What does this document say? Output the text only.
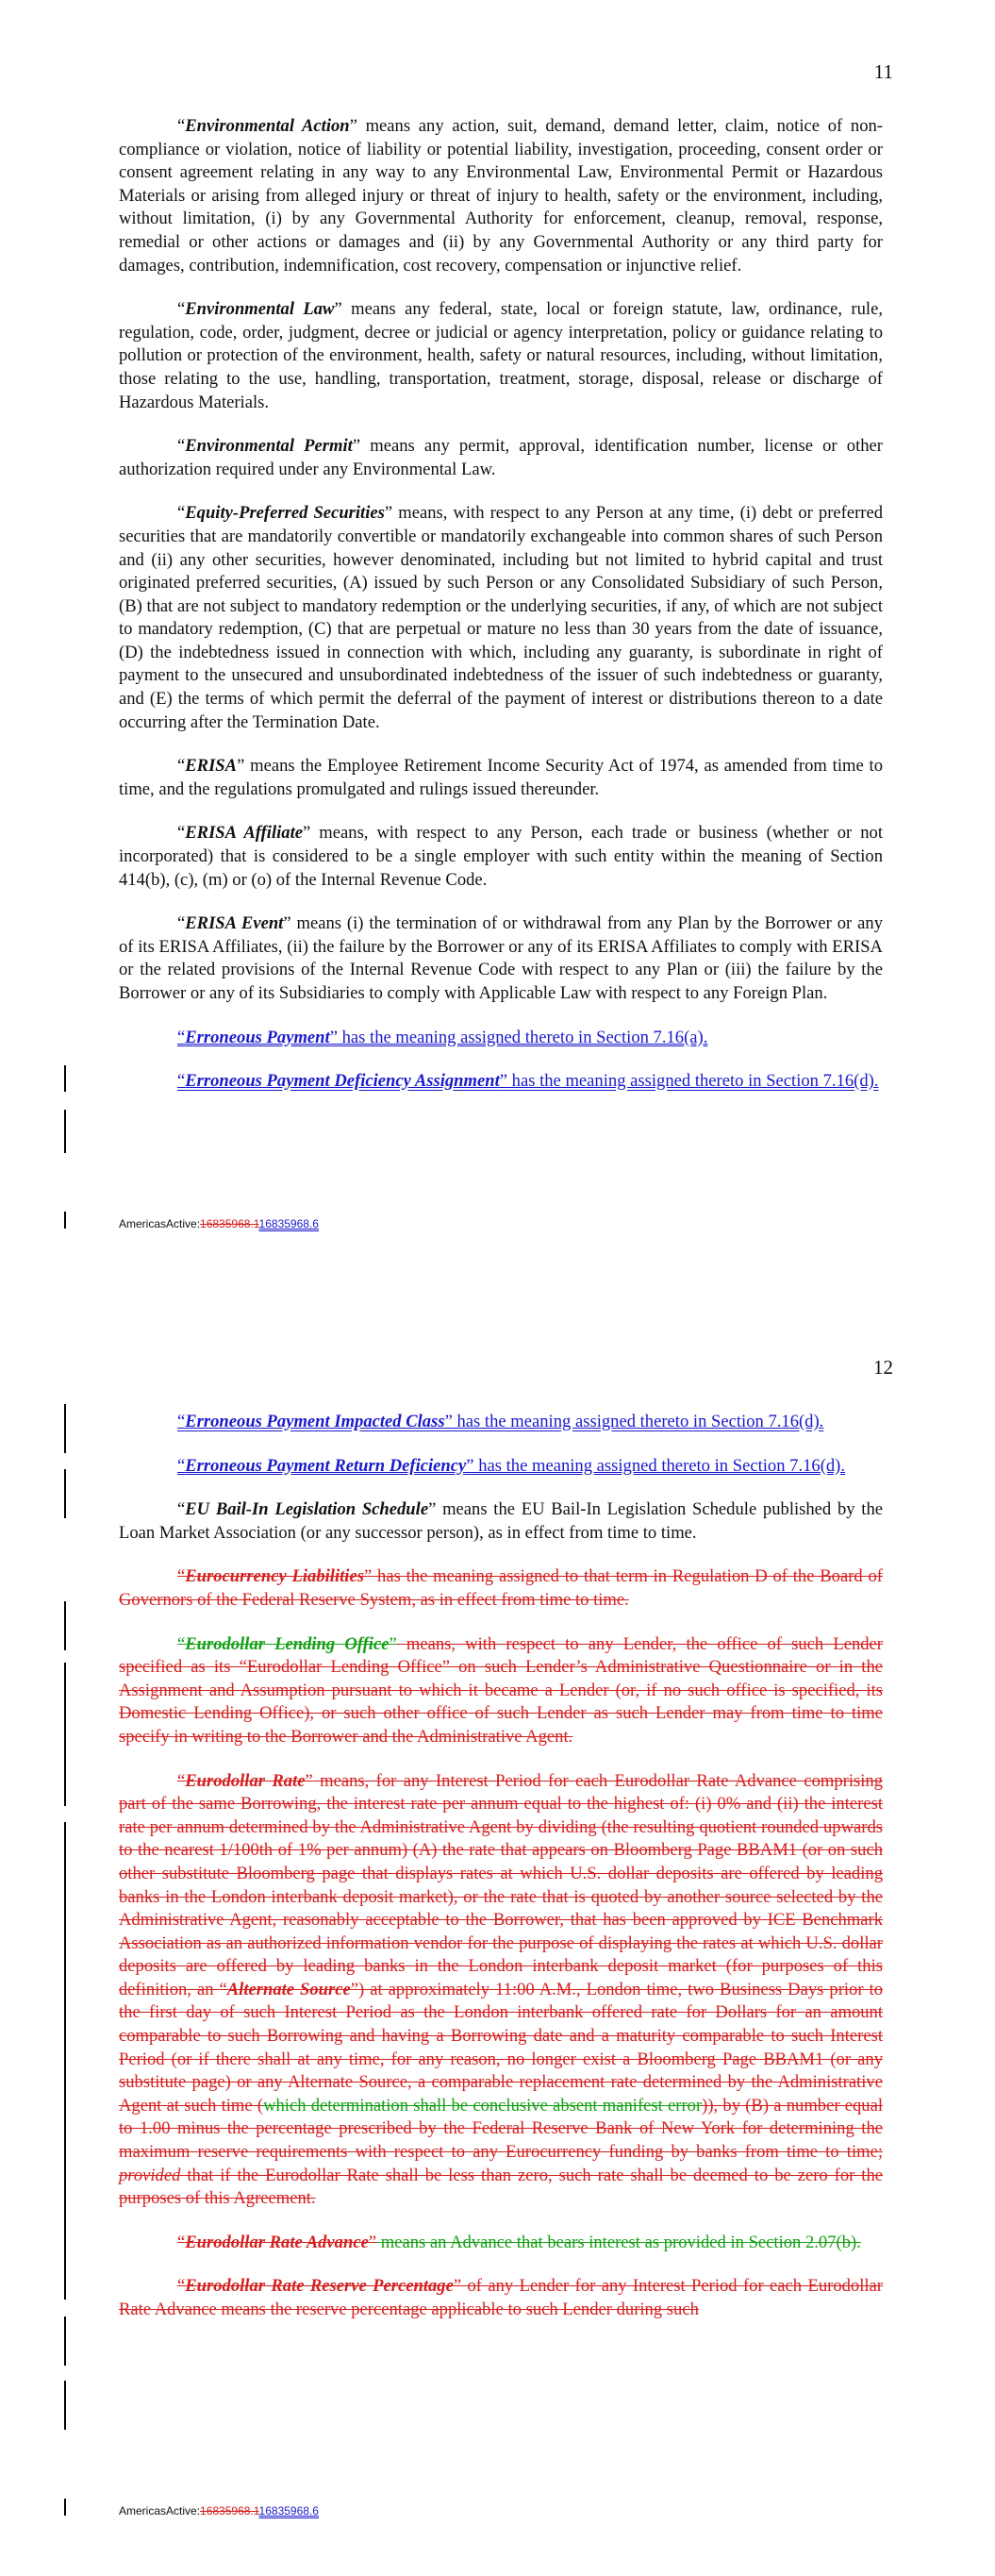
11

“Environmental Action” means any action, suit, demand, demand letter, claim, notice of non-compliance or violation, notice of liability or potential liability, investigation, proceeding, consent order or consent agreement relating in any way to any Environmental Law, Environmental Permit or Hazardous Materials or arising from alleged injury or threat of injury to health, safety or the environment, including, without limitation, (i) by any Governmental Authority for enforcement, cleanup, removal, response, remedial or other actions or damages and (ii) by any Governmental Authority or any third party for damages, contribution, indemnification, cost recovery, compensation or injunctive relief.

“Environmental Law” means any federal, state, local or foreign statute, law, ordinance, rule, regulation, code, order, judgment, decree or judicial or agency interpretation, policy or guidance relating to pollution or protection of the environment, health, safety or natural resources, including, without limitation, those relating to the use, handling, transportation, treatment, storage, disposal, release or discharge of Hazardous Materials.

“Environmental Permit” means any permit, approval, identification number, license or other authorization required under any Environmental Law.

“Equity-Preferred Securities” means, with respect to any Person at any time, (i) debt or preferred securities that are mandatorily convertible or mandatorily exchangeable into common shares of such Person and (ii) any other securities, however denominated, including but not limited to hybrid capital and trust originated preferred securities, (A) issued by such Person or any Consolidated Subsidiary of such Person, (B) that are not subject to mandatory redemption or the underlying securities, if any, of which are not subject to mandatory redemption, (C) that are perpetual or mature no less than 30 years from the date of issuance, (D) the indebtedness issued in connection with which, including any guaranty, is subordinate in right of payment to the unsecured and unsubordinated indebtedness of the issuer of such indebtedness or guaranty, and (E) the terms of which permit the deferral of the payment of interest or distributions thereon to a date occurring after the Termination Date.

“ERISA” means the Employee Retirement Income Security Act of 1974, as amended from time to time, and the regulations promulgated and rulings issued thereunder.

“ERISA Affiliate” means, with respect to any Person, each trade or business (whether or not incorporated) that is considered to be a single employer with such entity within the meaning of Section 414(b), (c), (m) or (o) of the Internal Revenue Code.

“ERISA Event” means (i) the termination of or withdrawal from any Plan by the Borrower or any of its ERISA Affiliates, (ii) the failure by the Borrower or any of its ERISA Affiliates to comply with ERISA or the related provisions of the Internal Revenue Code with respect to any Plan or (iii) the failure by the Borrower or any of its Subsidiaries to comply with Applicable Law with respect to any Foreign Plan.

“Erroneous Payment” has the meaning assigned thereto in Section 7.16(a).

“Erroneous Payment Deficiency Assignment” has the meaning assigned thereto in Section 7.16(d).

AmericasActive:16835968.116835968.6
12

“Erroneous Payment Impacted Class” has the meaning assigned thereto in Section 7.16(d).

“Erroneous Payment Return Deficiency” has the meaning assigned thereto in Section 7.16(d).

“EU Bail-In Legislation Schedule” means the EU Bail-In Legislation Schedule published by the Loan Market Association (or any successor person), as in effect from time to time.

“Eurocurrency Liabilities” has the meaning assigned to that term in Regulation D of the Board of Governors of the Federal Reserve System, as in effect from time to time.

“Eurodollar Lending Office” means, with respect to any Lender, the office of such Lender specified as its “Eurodollar Lending Office” on such Lender’s Administrative Questionnaire or in the Assignment and Assumption pursuant to which it became a Lender (or, if no such office is specified, its Domestic Lending Office), or such other office of such Lender as such Lender may from time to time specify in writing to the Borrower and the Administrative Agent.

“Eurodollar Rate” means, for any Interest Period for each Eurodollar Rate Advance comprising part of the same Borrowing, the interest rate per annum equal to the highest of: (i) 0% and (ii) the interest rate per annum determined by the Administrative Agent by dividing (the resulting quotient rounded upwards to the nearest 1/100th of 1% per annum) (A) the rate that appears on Bloomberg Page BBAM1 (or on such other substitute Bloomberg page that displays rates at which U.S. dollar deposits are offered by leading banks in the London interbank deposit market), or the rate that is quoted by another source selected by the Administrative Agent, reasonably acceptable to the Borrower, that has been approved by ICE Benchmark Association as an authorized information vendor for the purpose of displaying the rates at which U.S. dollar deposits are offered by leading banks in the London interbank deposit market (for purposes of this definition, an “Alternate Source”) at approximately 11:00 A.M., London time, two Business Days prior to the first day of such Interest Period as the London interbank offered rate for Dollars for an amount comparable to such Borrowing and having a Borrowing date and a maturity comparable to such Interest Period (or if there shall at any time, for any reason, no longer exist a Bloomberg Page BBAM1 (or any substitute page) or any Alternate Source, a comparable replacement rate determined by the Administrative Agent at such time (which determination shall be conclusive absent manifest error)), by (B) a number equal to 1.00 minus the percentage prescribed by the Federal Reserve Bank of New York for determining the maximum reserve requirements with respect to any Eurocurrency funding by banks from time to time; provided that if the Eurodollar Rate shall be less than zero, such rate shall be deemed to be zero for the purposes of this Agreement.

“Eurodollar Rate Advance” means an Advance that bears interest as provided in Section 2.07(b).

“Eurodollar Rate Reserve Percentage” of any Lender for any Interest Period for each Eurodollar Rate Advance means the reserve percentage applicable to such Lender during such

AmericasActive:16835968.116835968.6
